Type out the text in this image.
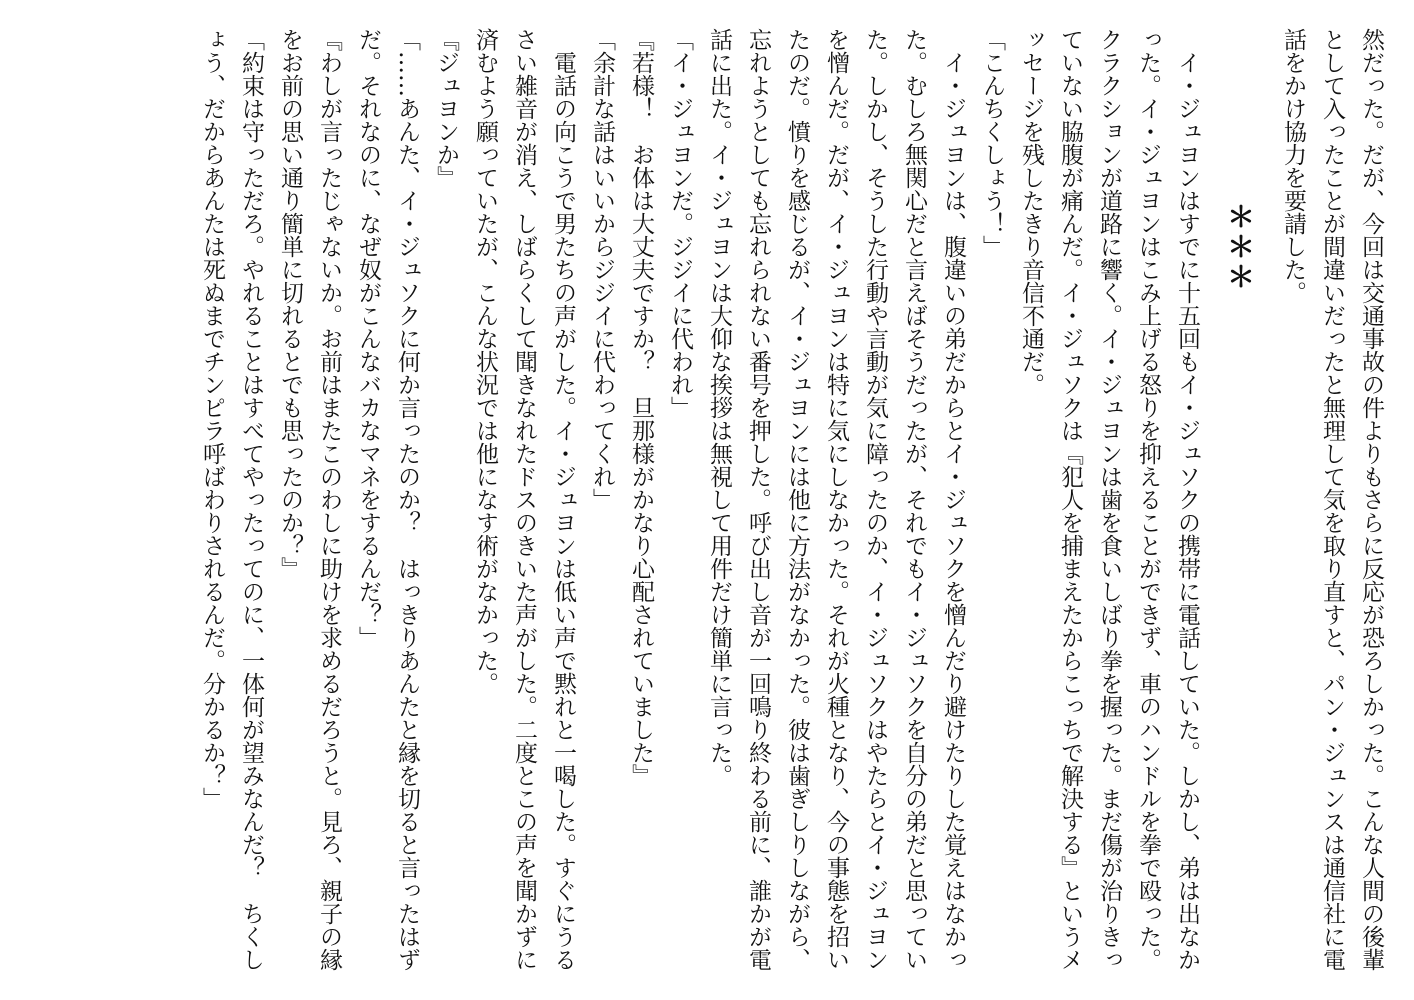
然だった。だが、今回は交通事故の件よりもさらに反応が恐ろしかった。こんな人間の後輩として入ったことが間違いだったと無理して気を取り直すと、パン・ジュンスは通信社に電話をかけ協力を要請した。

＊＊＊

イ・ジュヨンはすでに十五回もイ・ジュソクの携帯に電話していた。しかし、弟は出なかった。イ・ジュヨンはこみ上げる怒りを抑えることができず、車のハンドルを拳で殴った。クラクションが道路に響く。イ・ジュヨンは歯を食いしばり拳を握った。まだ傷が治りきっていない脇腹が痛んだ。イ・ジュソクは『犯人を捕まえたからこっちで解決する』というメッセージを残したきり音信不通だ。

「こんちくしょう！」

イ・ジュヨンは、腹違いの弟だからとイ・ジュソクを憎んだり避けたりした覚えはなかった。むしろ無関心だと言えばそうだったが、それでもイ・ジュソクを自分の弟だと思っていた。しかし、そうした行動や言動が気に障ったのか、イ・ジュソクはやたらとイ・ジュヨンを憎んだ。だが、イ・ジュヨンは特に気にしなかった。それが火種となり、今の事態を招いたのだ。憤りを感じるが、イ・ジュヨンには他に方法がなかった。彼は歯ぎしりしながら、忘れようとしても忘れられない番号を押した。呼び出し音が一回鳴り終わる前に、誰かが電話に出た。イ・ジュヨンは大仰な挨拶は無視して用件だけ簡単に言った。

「イ・ジュヨンだ。ジジイに代われ」

『若様！　お体は大丈夫ですか？　旦那様がかなり心配されていました』

「余計な話はいいからジジイに代わってくれ」

電話の向こうで男たちの声がした。イ・ジュヨンは低い声で黙れと一喝した。すぐにうるさい雑音が消え、しばらくして聞きなれたドスのきいた声がした。二度とこの声を聞かずに済むよう願っていたが、こんな状況では他になす術がなかった。

『ジュヨンか』

「……あんた、イ・ジュソクに何か言ったのか？　はっきりあんたと縁を切ると言ったはずだ。それなのに、なぜ奴がこんなバカなマネをするんだ？」

『わしが言ったじゃないか。お前はまたこのわしに助けを求めるだろうと。見ろ、親子の縁をお前の思い通り簡単に切れるとでも思ったのか？』

「約束は守っただろ。やれることはすべてやったってのに、一体何が望みなんだ？　ちくしょう、だからあんたは死ぬまでチンピラ呼ばわりされるんだ。分かるか？」
